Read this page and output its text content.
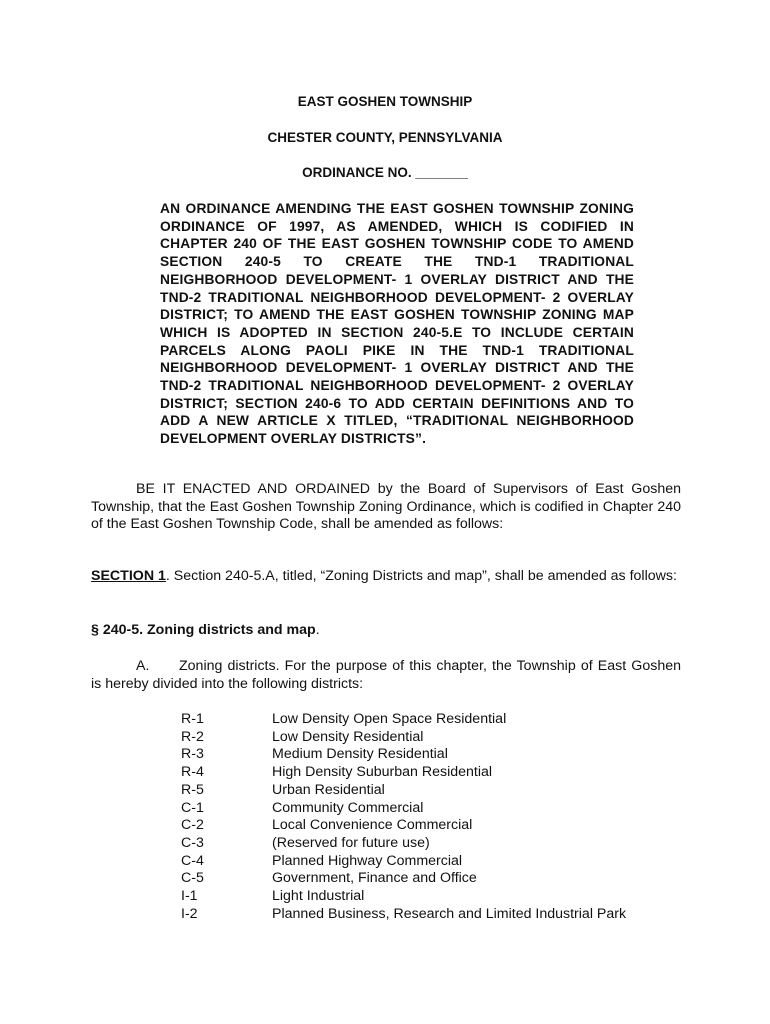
EAST GOSHEN TOWNSHIP
CHESTER COUNTY, PENNSYLVANIA
ORDINANCE NO. _______
AN ORDINANCE AMENDING THE EAST GOSHEN TOWNSHIP ZONING ORDINANCE OF 1997, AS AMENDED, WHICH IS CODIFIED IN CHAPTER 240 OF THE EAST GOSHEN TOWNSHIP CODE TO AMEND SECTION 240-5 TO CREATE THE TND-1 TRADITIONAL NEIGHBORHOOD DEVELOPMENT- 1 OVERLAY DISTRICT AND THE TND-2 TRADITIONAL NEIGHBORHOOD DEVELOPMENT- 2 OVERLAY DISTRICT; TO AMEND THE EAST GOSHEN TOWNSHIP ZONING MAP WHICH IS ADOPTED IN SECTION 240-5.E TO INCLUDE CERTAIN PARCELS ALONG PAOLI PIKE IN THE TND-1 TRADITIONAL NEIGHBORHOOD DEVELOPMENT- 1 OVERLAY DISTRICT AND THE TND-2 TRADITIONAL NEIGHBORHOOD DEVELOPMENT- 2 OVERLAY DISTRICT; SECTION 240-6 TO ADD CERTAIN DEFINITIONS AND TO ADD A NEW ARTICLE X TITLED, “TRADITIONAL NEIGHBORHOOD DEVELOPMENT OVERLAY DISTRICTS”.
BE IT ENACTED AND ORDAINED by the Board of Supervisors of East Goshen Township, that the East Goshen Township Zoning Ordinance, which is codified in Chapter 240 of the East Goshen Township Code, shall be amended as follows:
SECTION 1. Section 240-5.A, titled, “Zoning Districts and map”, shall be amended as follows:
§ 240-5. Zoning districts and map.
A. Zoning districts. For the purpose of this chapter, the Township of East Goshen is hereby divided into the following districts:
R-1	Low Density Open Space Residential
R-2	Low Density Residential
R-3	Medium Density Residential
R-4	High Density Suburban Residential
R-5	Urban Residential
C-1	Community Commercial
C-2	Local Convenience Commercial
C-3	(Reserved for future use)
C-4	Planned Highway Commercial
C-5	Government, Finance and Office
I-1	Light Industrial
I-2	Planned Business, Research and Limited Industrial Park
